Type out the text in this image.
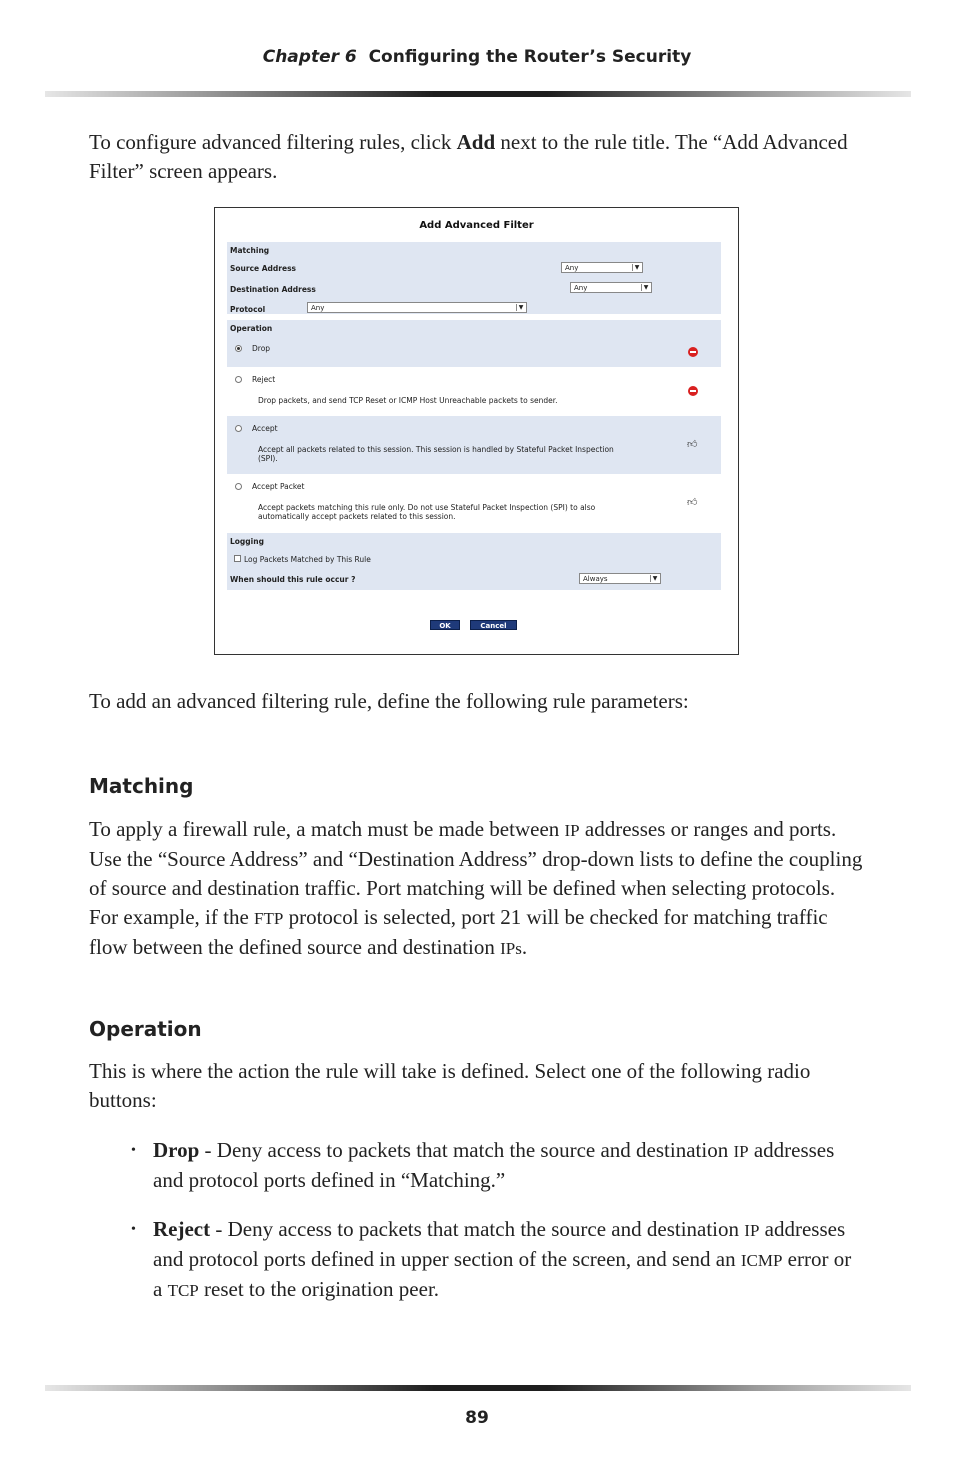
Chapter 6 Configuring the Router’s Security

To configure advanced filtering rules, click Add next to the rule title. The “Add Advanced Filter” screen appears.

Add Advanced Filter
Matching
Source Address	Any	▼
Destination Address	Any	▼
Protocol	Any	▼
Operation
Drop
Reject
Drop packets, and send TCP Reset or ICMP Host Unreachable packets to sender.
Accept
Accept all packets related to this session. This session is handled by Stateful Packet Inspection (SPI).
👍︎
Accept Packet
Accept packets matching this rule only. Do not use Stateful Packet Inspection (SPI) to also automatically accept packets related to this session.
👍︎
Logging
Log Packets Matched by This Rule
When should this rule occur ?	Always	▼
OK	Cancel

To add an advanced filtering rule, define the following rule parameters:

Matching

To apply a firewall rule, a match must be made between IP addresses or ranges and ports. Use the “Source Address” and “Destination Address” drop-down lists to define the coupling of source and destination traffic. Port matching will be defined when selecting protocols. For example, if the FTP protocol is selected, port 21 will be checked for matching traffic flow between the defined source and destination IPs.

Operation

This is where the action the rule will take is defined. Select one of the following radio buttons:

• Drop - Deny access to packets that match the source and destination IP addresses and protocol ports defined in “Matching.”

• Reject - Deny access to packets that match the source and destination IP addresses and protocol ports defined in upper section of the screen, and send an ICMP error or a TCP reset to the origination peer.

89
